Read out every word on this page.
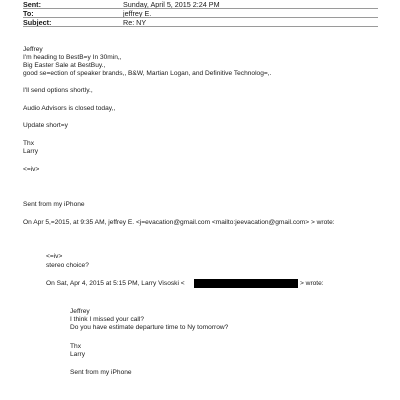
Sent:	Sunday, April 5, 2015 2:24 PM
To:	jeffrey E.
Subject:	Re: NY
Jeffrey
I'm heading to BestB=y In 30min,,
Big Easter Sale at BestBuy.,
good se=ection of speaker brands,, B&W, Martian Logan, and Definitive Technolog=,.
I'll send options shortly.,
Audio Advisors is closed today,,
Update short=y
Thx
Larry
<=iv>
Sent from my iPhone
On Apr 5,=2015, at 9:35 AM, jeffrey E. <j=evacation@gmail.com <mailto:jeevacation@gmail.com> > wrote:
<=iv>
stereo choice?
On Sat, Apr 4, 2015 at 5:15 PM, Larry Visoski <	> wrote:
Jeffrey
I think I missed your call?
Do you have estimate departure time to Ny tomorrow?
Thx
Larry
Sent from my iPhone
